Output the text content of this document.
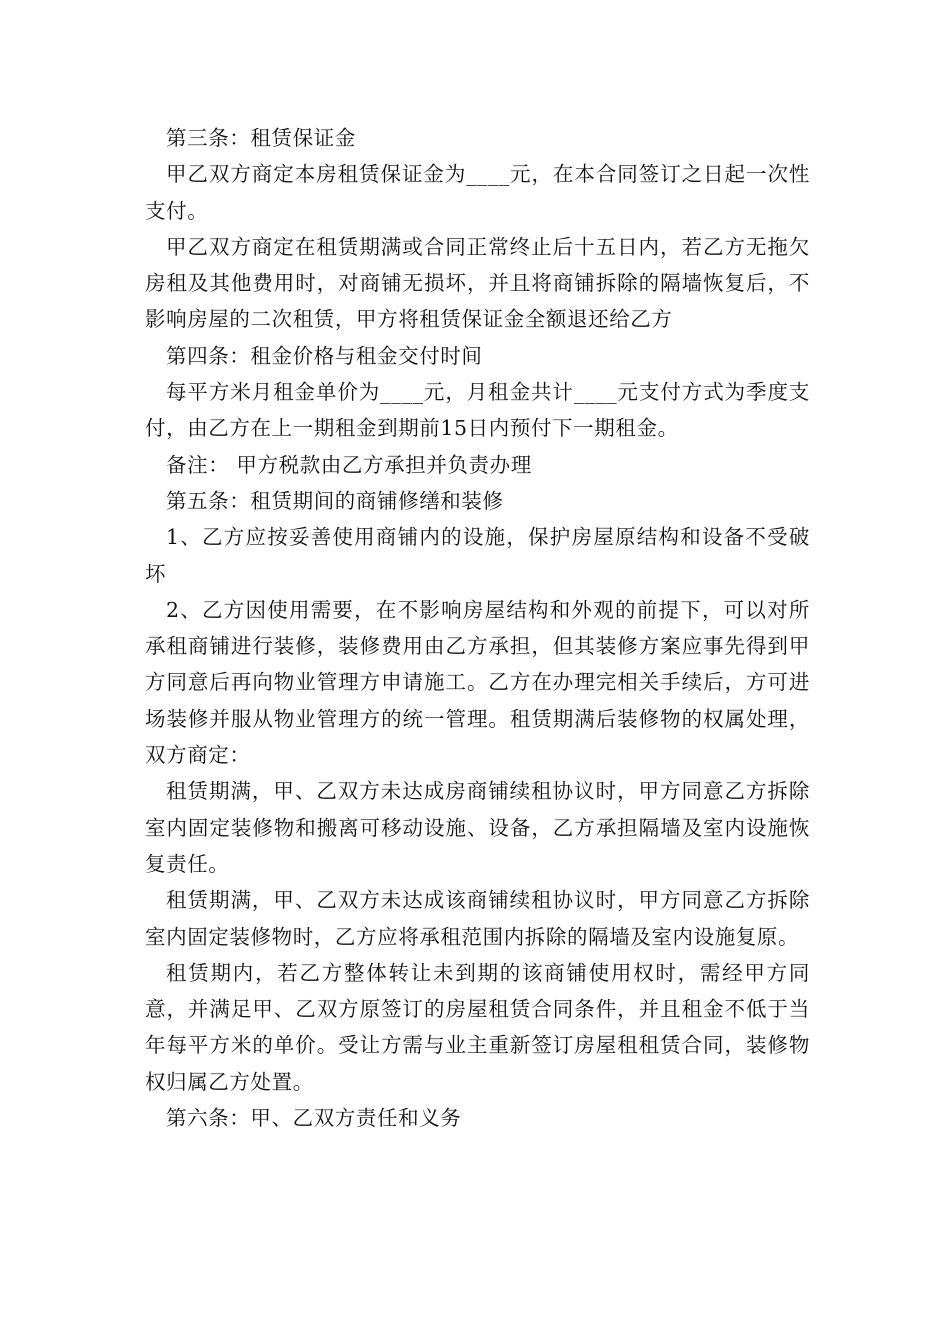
第三条：租赁保证金

甲乙双方商定本房租赁保证金为____元，在本合同签订之日起一次性支付。

甲乙双方商定在租赁期满或合同正常终止后十五日内，若乙方无拖欠房租及其他费用时，对商铺无损坏，并且将商铺拆除的隔墙恢复后，不影响房屋的二次租赁，甲方将租赁保证金全额退还给乙方

第四条：租金价格与租金交付时间

每平方米月租金单价为____元，月租金共计____元支付方式为季度支付，由乙方在上一期租金到期前15日内预付下一期租金。

备注： 甲方税款由乙方承担并负责办理

第五条：租赁期间的商铺修缮和装修

1、乙方应按妥善使用商铺内的设施，保护房屋原结构和设备不受破坏

2、乙方因使用需要，在不影响房屋结构和外观的前提下，可以对所承租商铺进行装修，装修费用由乙方承担，但其装修方案应事先得到甲方同意后再向物业管理方申请施工。乙方在办理完相关手续后，方可进场装修并服从物业管理方的统一管理。租赁期满后装修物的权属处理，双方商定：

租赁期满，甲、乙双方未达成房商铺续租协议时，甲方同意乙方拆除室内固定装修物和搬离可移动设施、设备，乙方承担隔墙及室内设施恢复责任。

租赁期满，甲、乙双方未达成该商铺续租协议时，甲方同意乙方拆除室内固定装修物时，乙方应将承租范围内拆除的隔墙及室内设施复原。

租赁期内，若乙方整体转让未到期的该商铺使用权时，需经甲方同意，并满足甲、乙双方原签订的房屋租赁合同条件，并且租金不低于当年每平方米的单价。受让方需与业主重新签订房屋租租赁合同，装修物权归属乙方处置。

第六条：甲、乙双方责任和义务
